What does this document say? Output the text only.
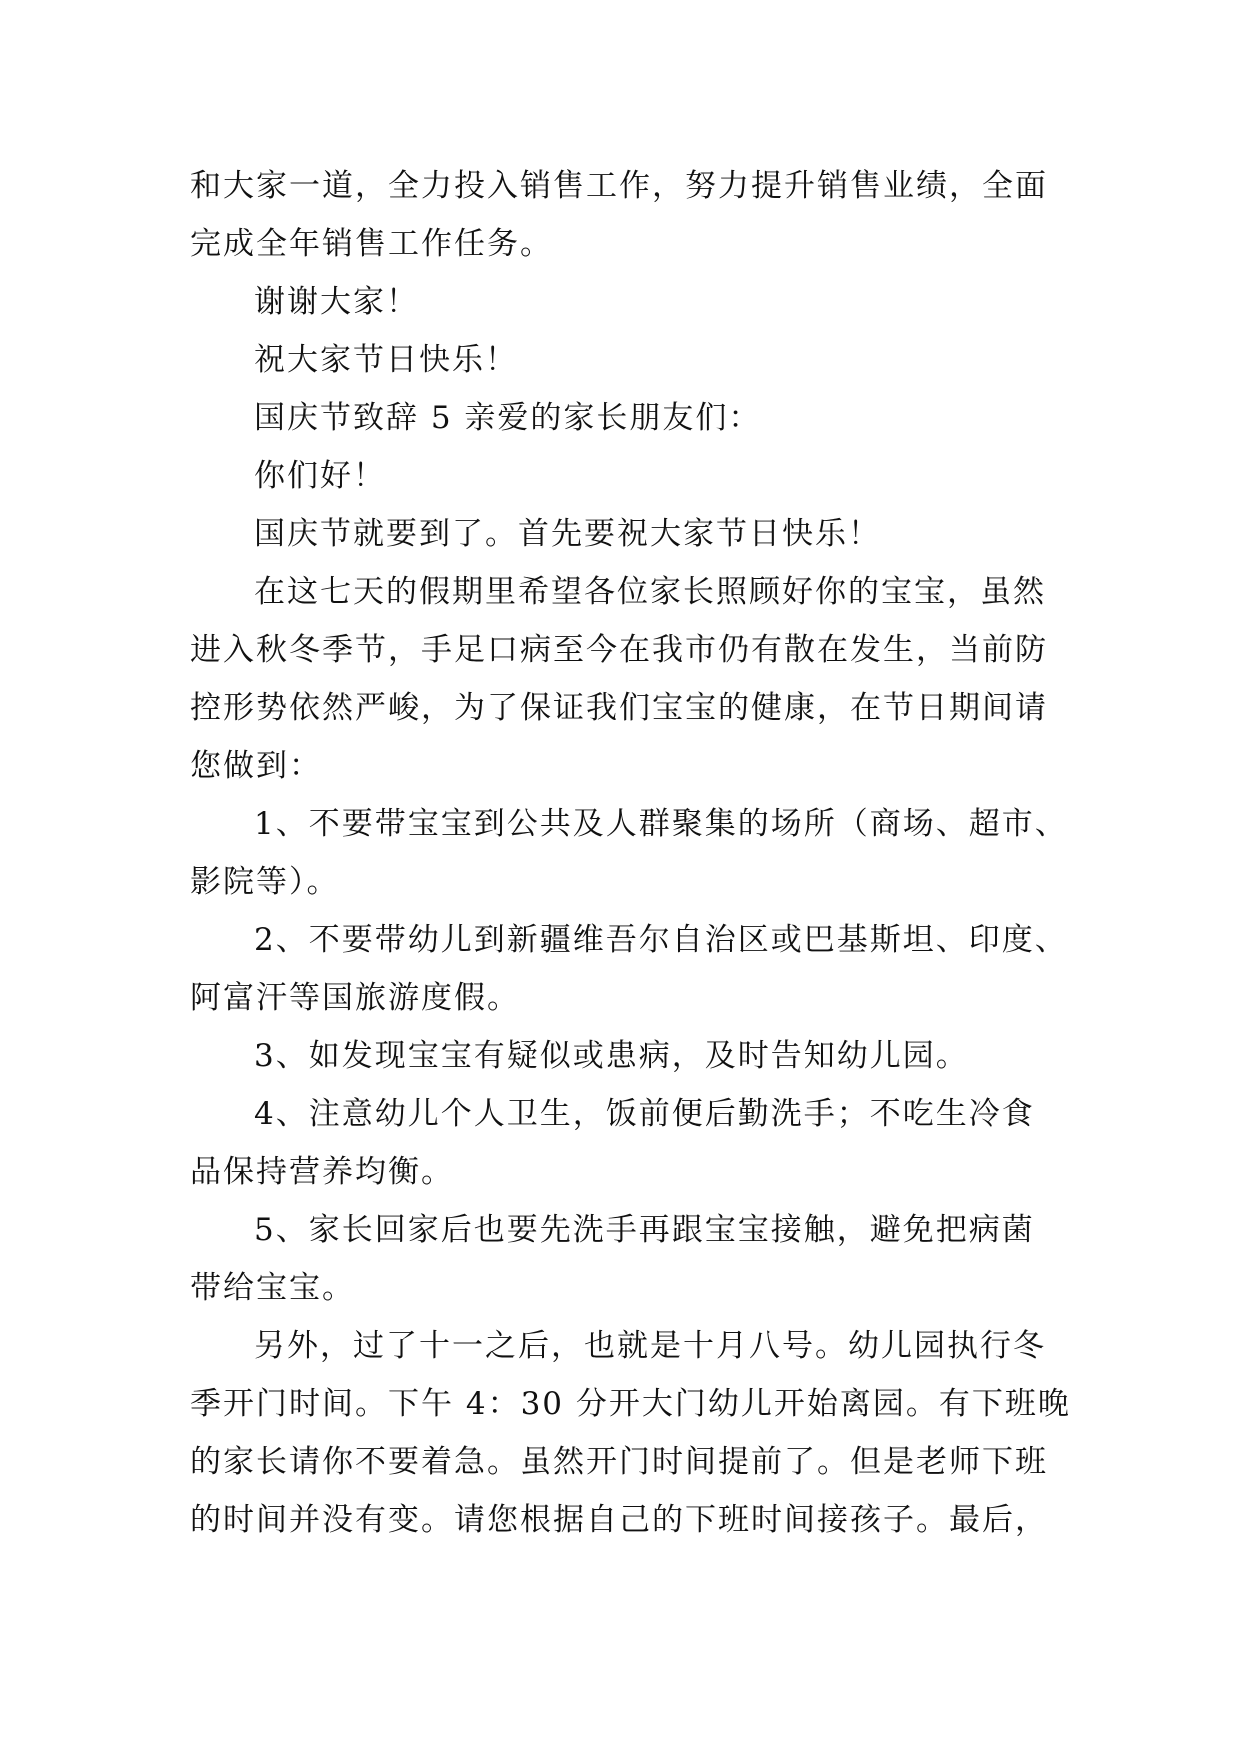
和大家一道，全力投入销售工作，努力提升销售业绩，全面
完成全年销售工作任务。
谢谢大家！
祝大家节日快乐！
国庆节致辞 5 亲爱的家长朋友们：
你们好！
国庆节就要到了。首先要祝大家节日快乐！
在这七天的假期里希望各位家长照顾好你的宝宝，虽然
进入秋冬季节，手足口病至今在我市仍有散在发生，当前防
控形势依然严峻，为了保证我们宝宝的健康，在节日期间请
您做到：
1、不要带宝宝到公共及人群聚集的场所（商场、超市、
影院等）。
2、不要带幼儿到新疆维吾尔自治区或巴基斯坦、印度、
阿富汗等国旅游度假。
3、如发现宝宝有疑似或患病，及时告知幼儿园。
4、注意幼儿个人卫生，饭前便后勤洗手；不吃生冷食
品保持营养均衡。
5、家长回家后也要先洗手再跟宝宝接触，避免把病菌
带给宝宝。
另外，过了十一之后，也就是十月八号。幼儿园执行冬
季开门时间。下午 4：30 分开大门幼儿开始离园。有下班晚
的家长请你不要着急。虽然开门时间提前了。但是老师下班
的时间并没有变。请您根据自己的下班时间接孩子。最后，
